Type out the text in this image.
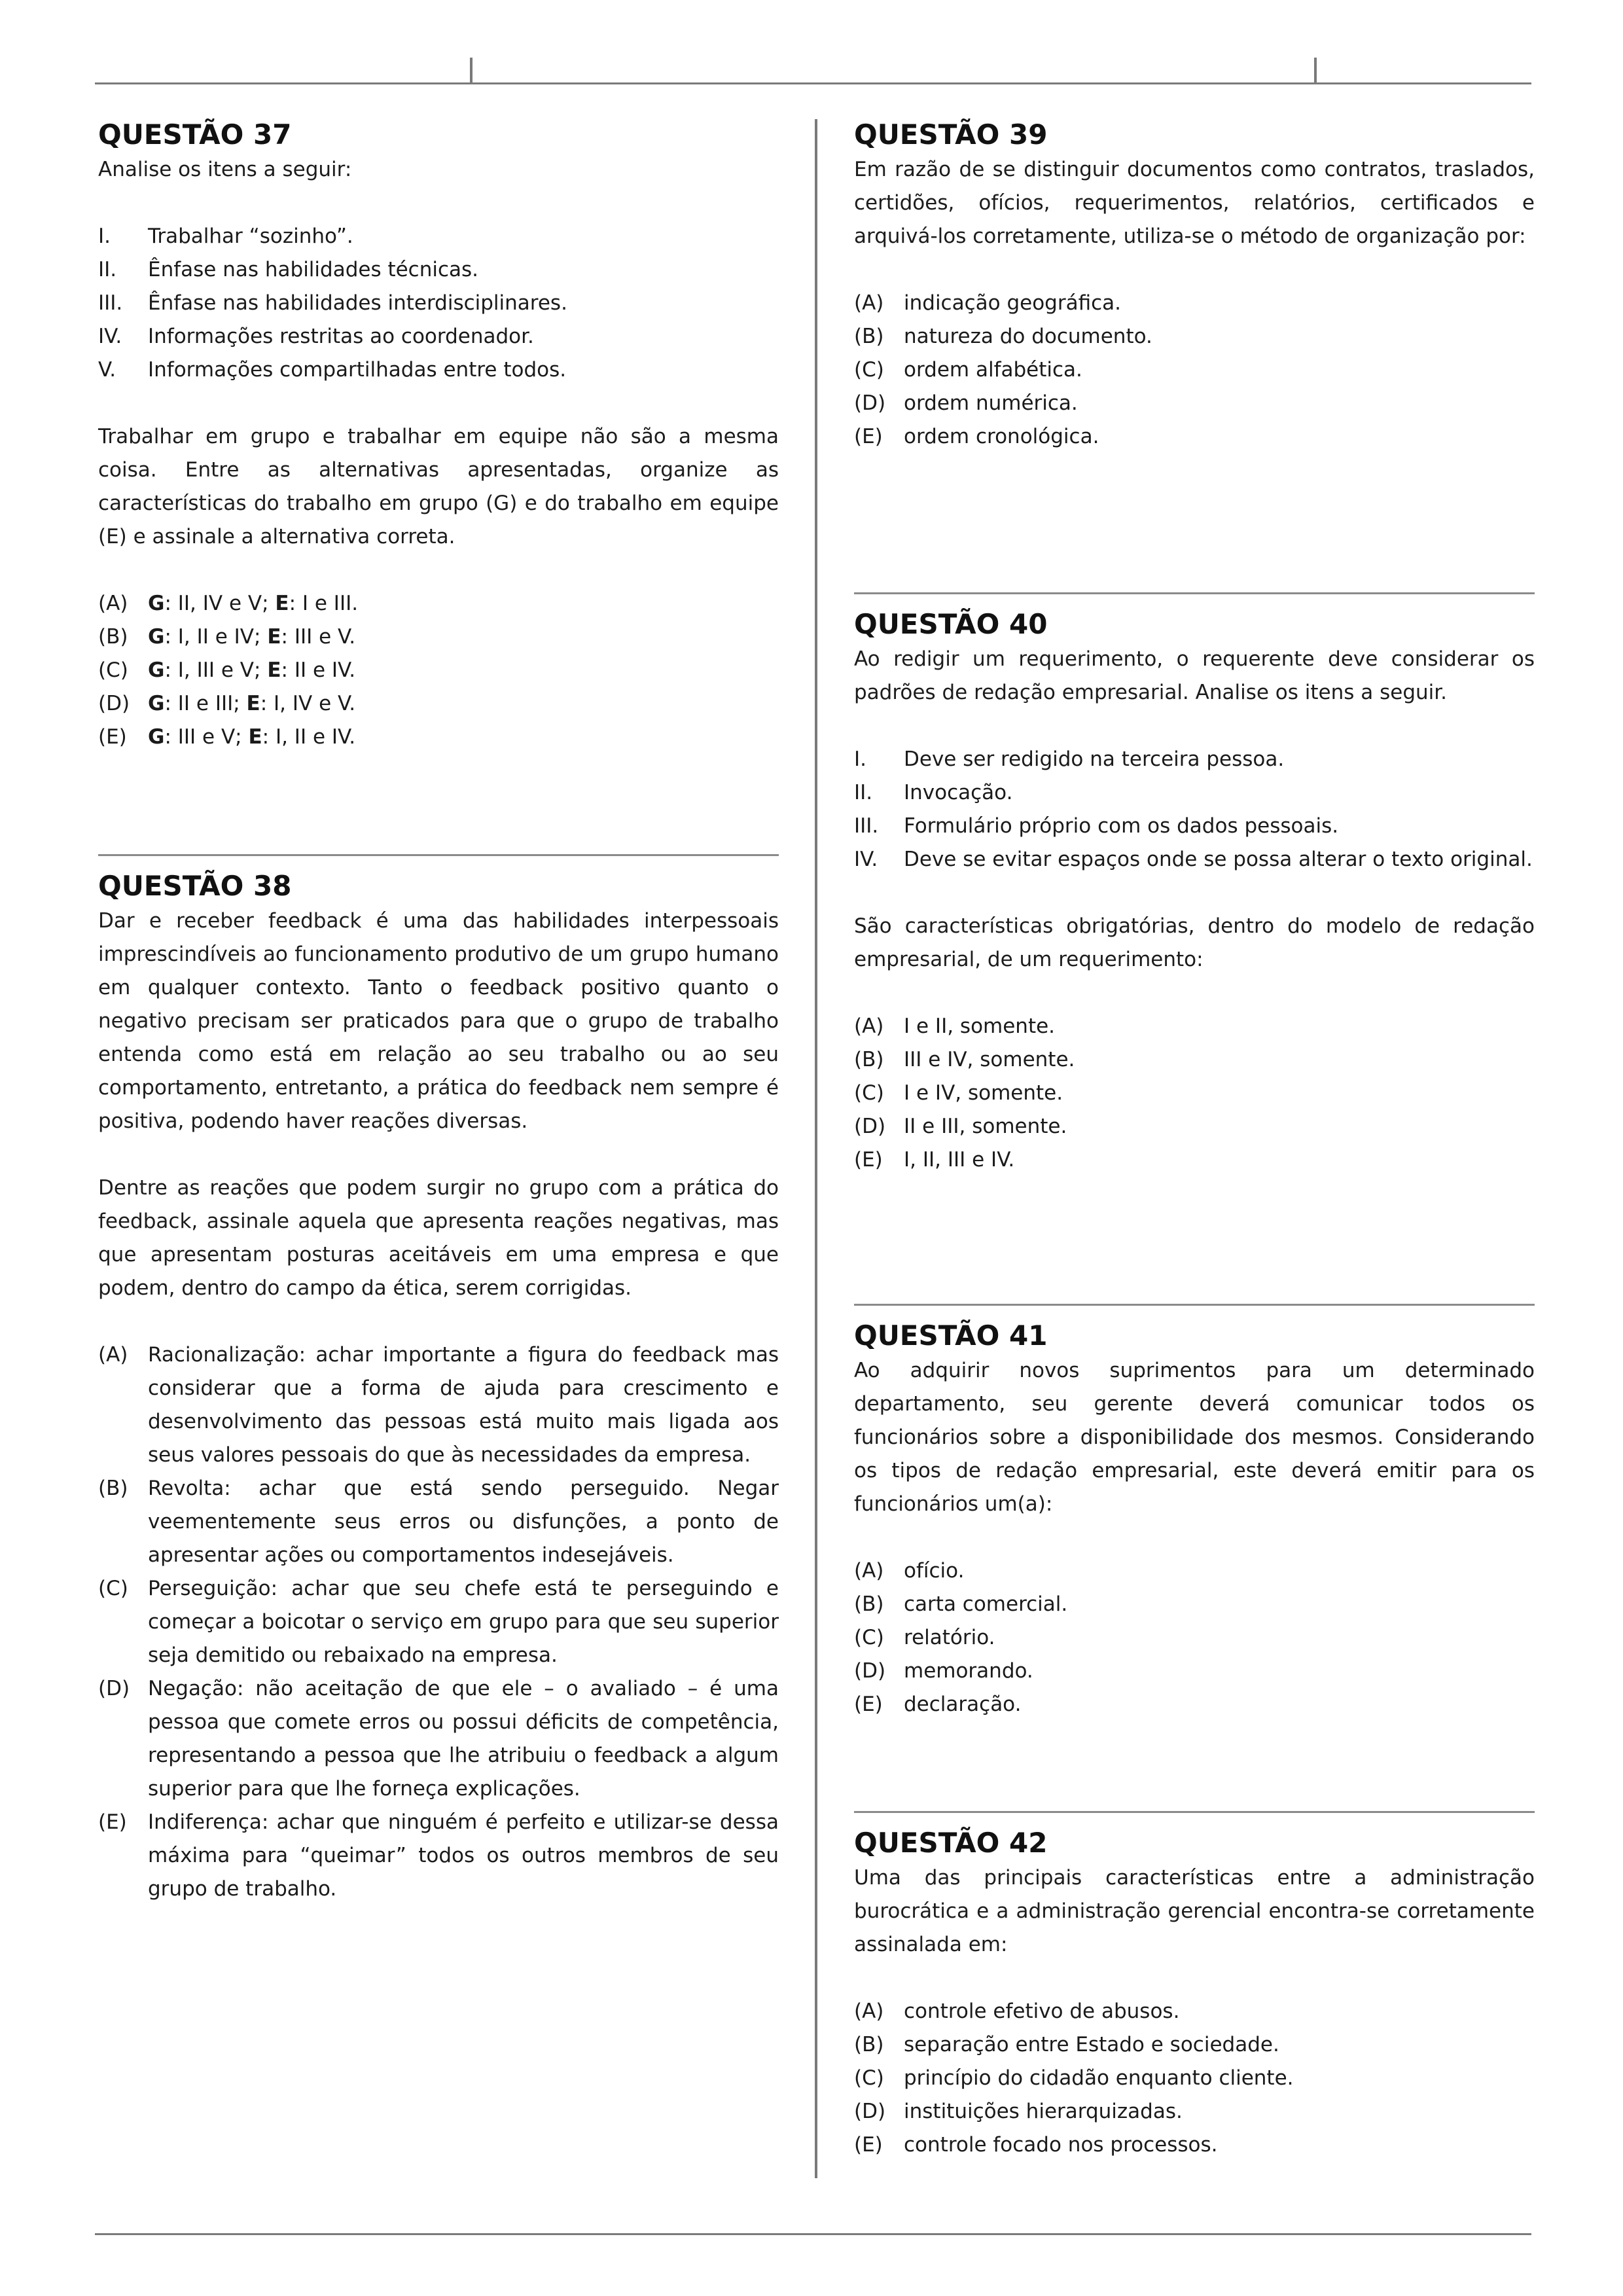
QUESTÃO 37

Analise os itens a seguir:

I. Trabalhar “sozinho”.
II. Ênfase nas habilidades técnicas.
III. Ênfase nas habilidades interdisciplinares.
IV. Informações restritas ao coordenador.
V. Informações compartilhadas entre todos.

Trabalhar em grupo e trabalhar em equipe não são a mesma coisa. Entre as alternativas apresentadas, organize as características do trabalho em grupo (G) e do trabalho em equipe (E) e assinale a alternativa correta.

(A) G: II, IV e V; E: I e III.
(B) G: I, II e IV; E: III e V.
(C) G: I, III e V; E: II e IV.
(D) G: II e III; E: I, IV e V.
(E) G: III e V; E: I, II e IV.
QUESTÃO 38

Dar e receber feedback é uma das habilidades interpessoais imprescindíveis ao funcionamento produtivo de um grupo humano em qualquer contexto. Tanto o feedback positivo quanto o negativo precisam ser praticados para que o grupo de trabalho entenda como está em relação ao seu trabalho ou ao seu comportamento, entretanto, a prática do feedback nem sempre é positiva, podendo haver reações diversas.

Dentre as reações que podem surgir no grupo com a prática do feedback, assinale aquela que apresenta reações negativas, mas que apresentam posturas aceitáveis em uma empresa e que podem, dentro do campo da ética, serem corrigidas.

(A) Racionalização: achar importante a figura do feedback mas considerar que a forma de ajuda para crescimento e desenvolvimento das pessoas está muito mais ligada aos seus valores pessoais do que às necessidades da empresa.
(B) Revolta: achar que está sendo perseguido. Negar veementemente seus erros ou disfunções, a ponto de apresentar ações ou comportamentos indesejáveis.
(C) Perseguição: achar que seu chefe está te perseguindo e começar a boicotar o serviço em grupo para que seu superior seja demitido ou rebaixado na empresa.
(D) Negação: não aceitação de que ele – o avaliado – é uma pessoa que comete erros ou possui déficits de competência, representando a pessoa que lhe atribuiu o feedback a algum superior para que lhe forneça explicações.
(E) Indiferença: achar que ninguém é perfeito e utilizar-se dessa máxima para “queimar” todos os outros membros de seu grupo de trabalho.
QUESTÃO 39

Em razão de se distinguir documentos como contratos, traslados, certidões, ofícios, requerimentos, relatórios, certificados e arquivá-los corretamente, utiliza-se o método de organização por:

(A) indicação geográfica.
(B) natureza do documento.
(C) ordem alfabética.
(D) ordem numérica.
(E) ordem cronológica.
QUESTÃO 40

Ao redigir um requerimento, o requerente deve considerar os padrões de redação empresarial. Analise os itens a seguir.

I. Deve ser redigido na terceira pessoa.
II. Invocação.
III. Formulário próprio com os dados pessoais.
IV. Deve se evitar espaços onde se possa alterar o texto original.

São características obrigatórias, dentro do modelo de redação empresarial, de um requerimento:

(A) I e II, somente.
(B) III e IV, somente.
(C) I e IV, somente.
(D) II e III, somente.
(E) I, II, III e IV.
QUESTÃO 41

Ao adquirir novos suprimentos para um determinado departamento, seu gerente deverá comunicar todos os funcionários sobre a disponibilidade dos mesmos. Considerando os tipos de redação empresarial, este deverá emitir para os funcionários um(a):

(A) ofício.
(B) carta comercial.
(C) relatório.
(D) memorando.
(E) declaração.
QUESTÃO 42

Uma das principais características entre a administração burocrática e a administração gerencial encontra-se corretamente assinalada em:

(A) controle efetivo de abusos.
(B) separação entre Estado e sociedade.
(C) princípio do cidadão enquanto cliente.
(D) instituições hierarquizadas.
(E) controle focado nos processos.
